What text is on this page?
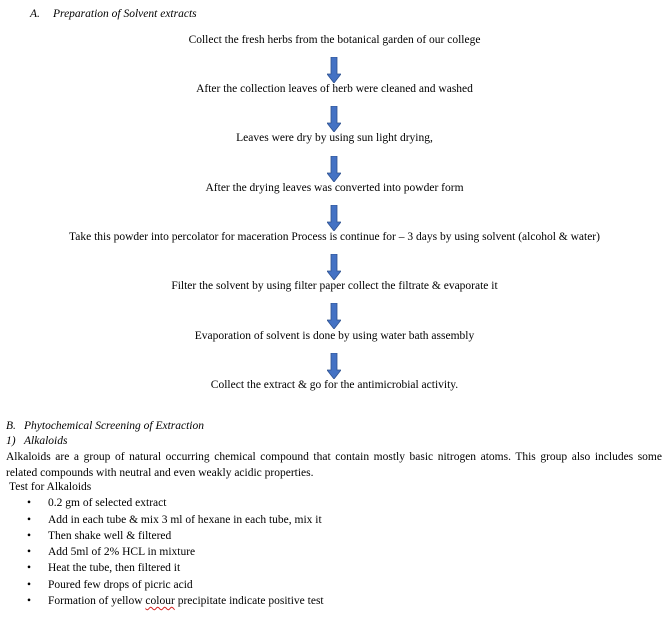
A. Preparation of Solvent extracts
Collect the fresh herbs from the botanical garden of our college
After the collection leaves of herb were cleaned and washed
Leaves were dry by using sun light drying,
After the drying leaves was converted into powder form
Take this powder into percolator for maceration Process is continue for – 3 days by using solvent (alcohol & water)
Filter the solvent by using filter paper collect the filtrate & evaporate it
Evaporation of solvent is done by using water bath assembly
Collect the extract & go for the antimicrobial activity.
B. Phytochemical Screening of Extraction
1) Alkaloids
Alkaloids are a group of natural occurring chemical compound that contain mostly basic nitrogen atoms. This group also includes some related compounds with neutral and even weakly acidic properties.
Test for Alkaloids
• 0.2 gm of selected extract
• Add in each tube & mix 3 ml of hexane in each tube, mix it
• Then shake well & filtered
• Add 5ml of 2% HCL in mixture
• Heat the tube, then filtered it
• Poured few drops of picric acid
• Formation of yellow colour precipitate indicate positive test
